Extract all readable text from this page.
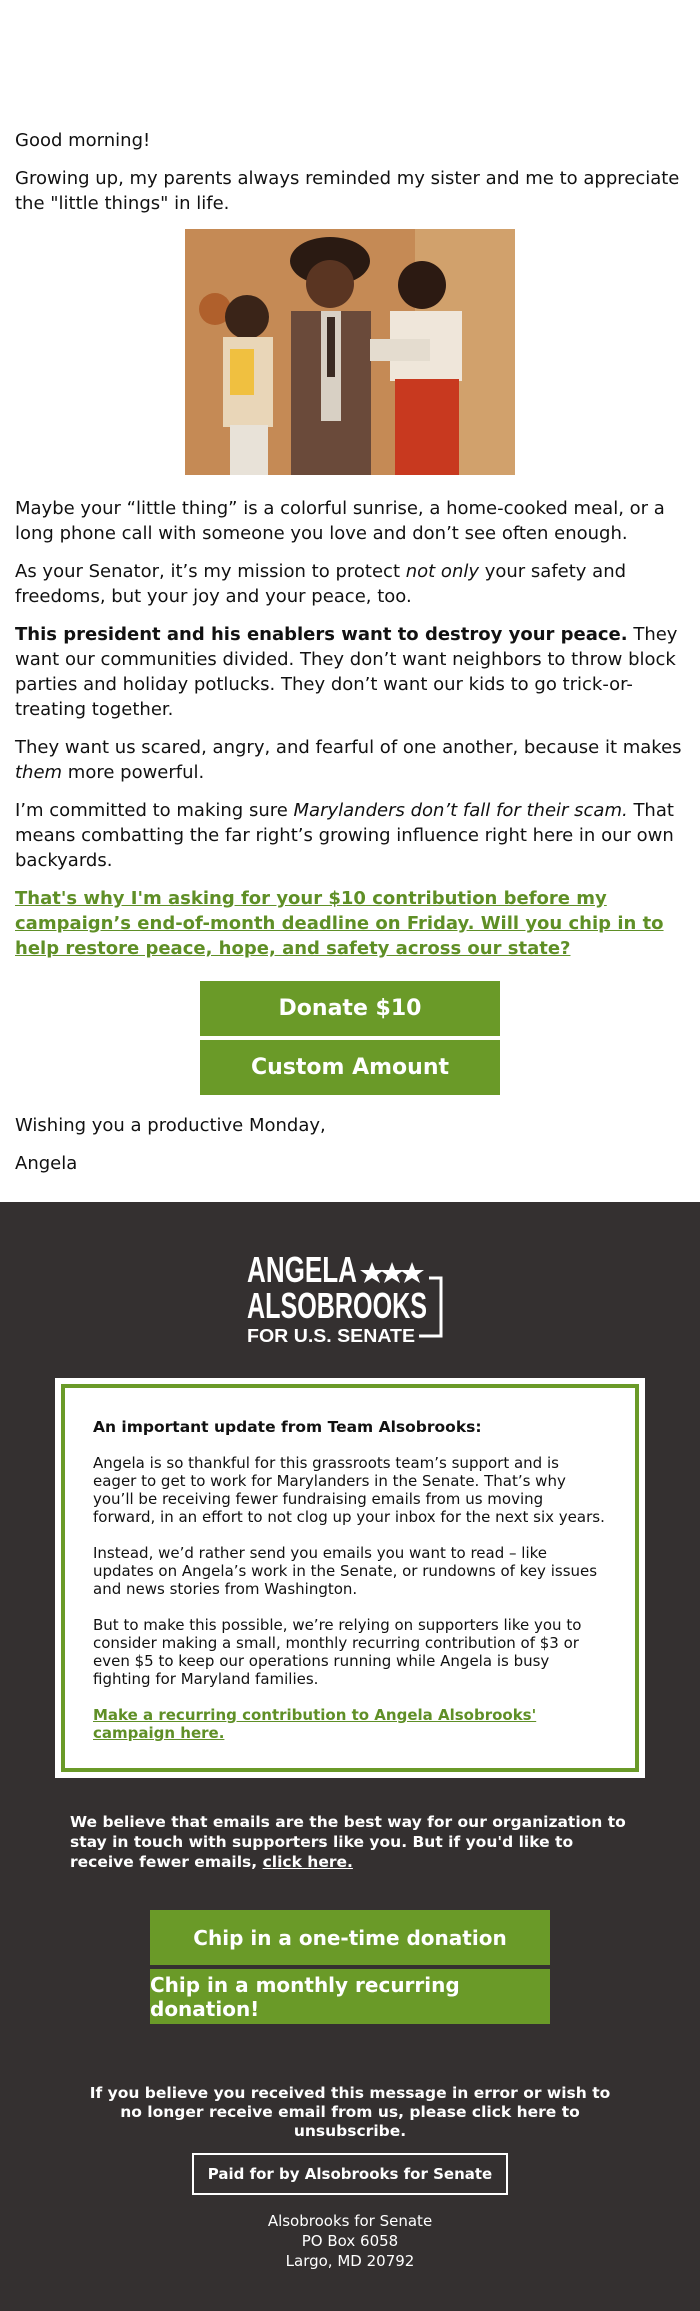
Good morning!

Growing up, my parents always reminded my sister and me to appreciate the "little things" in life.

Maybe your “little thing” is a colorful sunrise, a home-cooked meal, or a long phone call with someone you love and don’t see often enough.

As your Senator, it’s my mission to protect not only your safety and freedoms, but your joy and your peace, too.

This president and his enablers want to destroy your peace. They want our communities divided. They don’t want neighbors to throw block parties and holiday potlucks. They don’t want our kids to go trick-or-treating together.

They want us scared, angry, and fearful of one another, because it makes them more powerful.

I’m committed to making sure Marylanders don’t fall for their scam. That means combatting the far right’s growing influence right here in our own backyards.

That's why I'm asking for your $10 contribution before my campaign’s end-of-month deadline on Friday. Will you chip in to help restore peace, hope, and safety across our state?
Donate $10
Custom Amount

Wishing you a productive Monday,

Angela

ANGELA
ALSOBROOKS
FOR U.S. SENATE

An important update from Team Alsobrooks:

Angela is so thankful for this grassroots team’s support and is eager to get to work for Marylanders in the Senate. That’s why you’ll be receiving fewer fundraising emails from us moving forward, in an effort to not clog up your inbox for the next six years.

Instead, we’d rather send you emails you want to read – like updates on Angela’s work in the Senate, or rundowns of key issues and news stories from Washington.

But to make this possible, we’re relying on supporters like you to consider making a small, monthly recurring contribution of $3 or even $5 to keep our operations running while Angela is busy fighting for Maryland families.

Make a recurring contribution to Angela Alsobrooks' campaign here.

We believe that emails are the best way for our organization to stay in touch with supporters like you. But if you'd like to receive fewer emails, click here.

Chip in a one-time donation
Chip in a monthly recurring donation!

If you believe you received this message in error or wish to no longer receive email from us, please click here to unsubscribe.

Paid for by Alsobrooks for Senate
Alsobrooks for Senate
PO Box 6058
Largo, MD 20792
